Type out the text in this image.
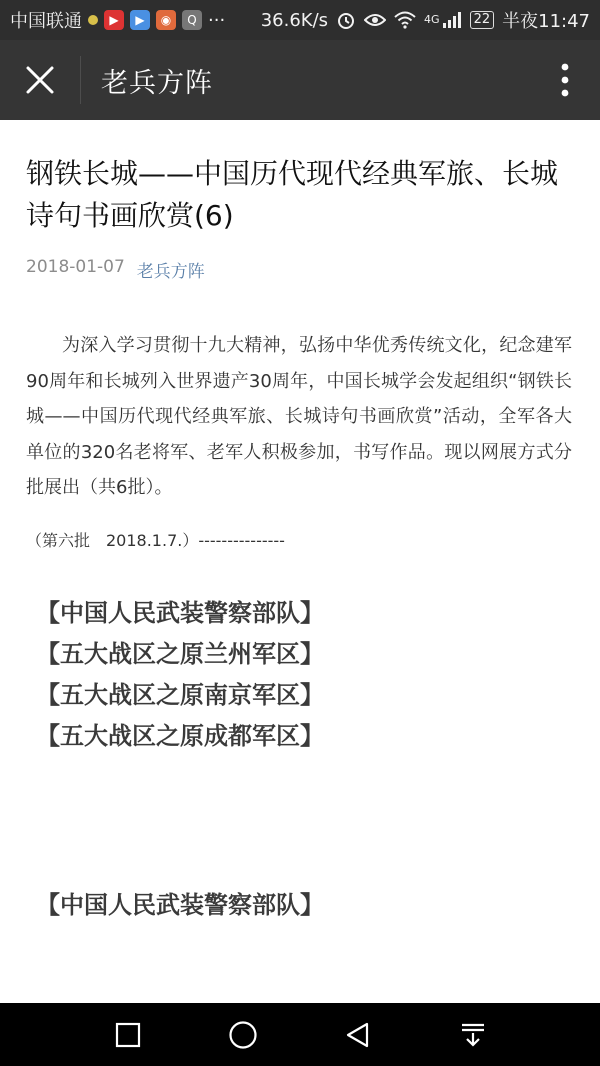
中国联通	▶	▶	◉	Q ··· 36.6K/s	4G	22 半夜11:47
老兵方阵
钢铁长城——中国历代现代经典军旅、长城诗句书画欣赏(6)
2018-01-07 老兵方阵
为深入学习贯彻十九大精神，弘扬中华优秀传统文化，纪念建军90周年和长城列入世界遗产30周年，中国长城学会发起组织“钢铁长城——中国历代现代经典军旅、长城诗句书画欣赏”活动，全军各大单位的320名老将军、老军人积极参加，书写作品。现以网展方式分批展出（共6批）。
（第六批　2018.1.7.）---------------
【中国人民武装警察部队】
【五大战区之原兰州军区】
【五大战区之原南京军区】
【五大战区之原成都军区】
【中国人民武装警察部队】
